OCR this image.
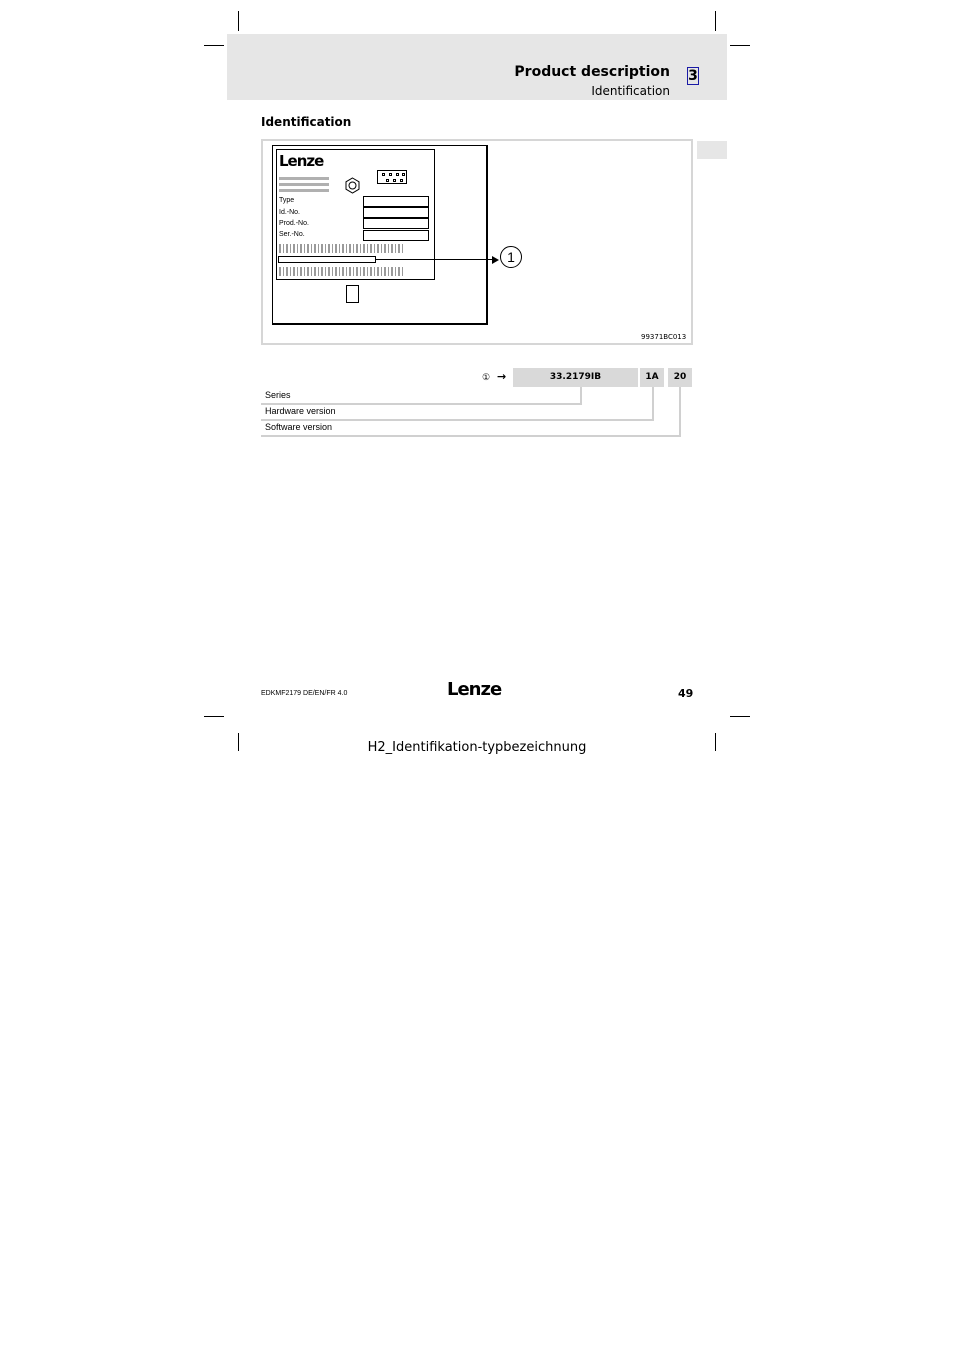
Product description
Identification
3
Identification
Lenze
Type
Id.-No.
Prod.-No.
Ser.-No.
1
99371BC013
① →	33.2179IB	1A	20
Series
Hardware version
Software version
EDKMF2179 DE/EN/FR 4.0	Lenze	49
H2_Identifikation-typbezeichnung
